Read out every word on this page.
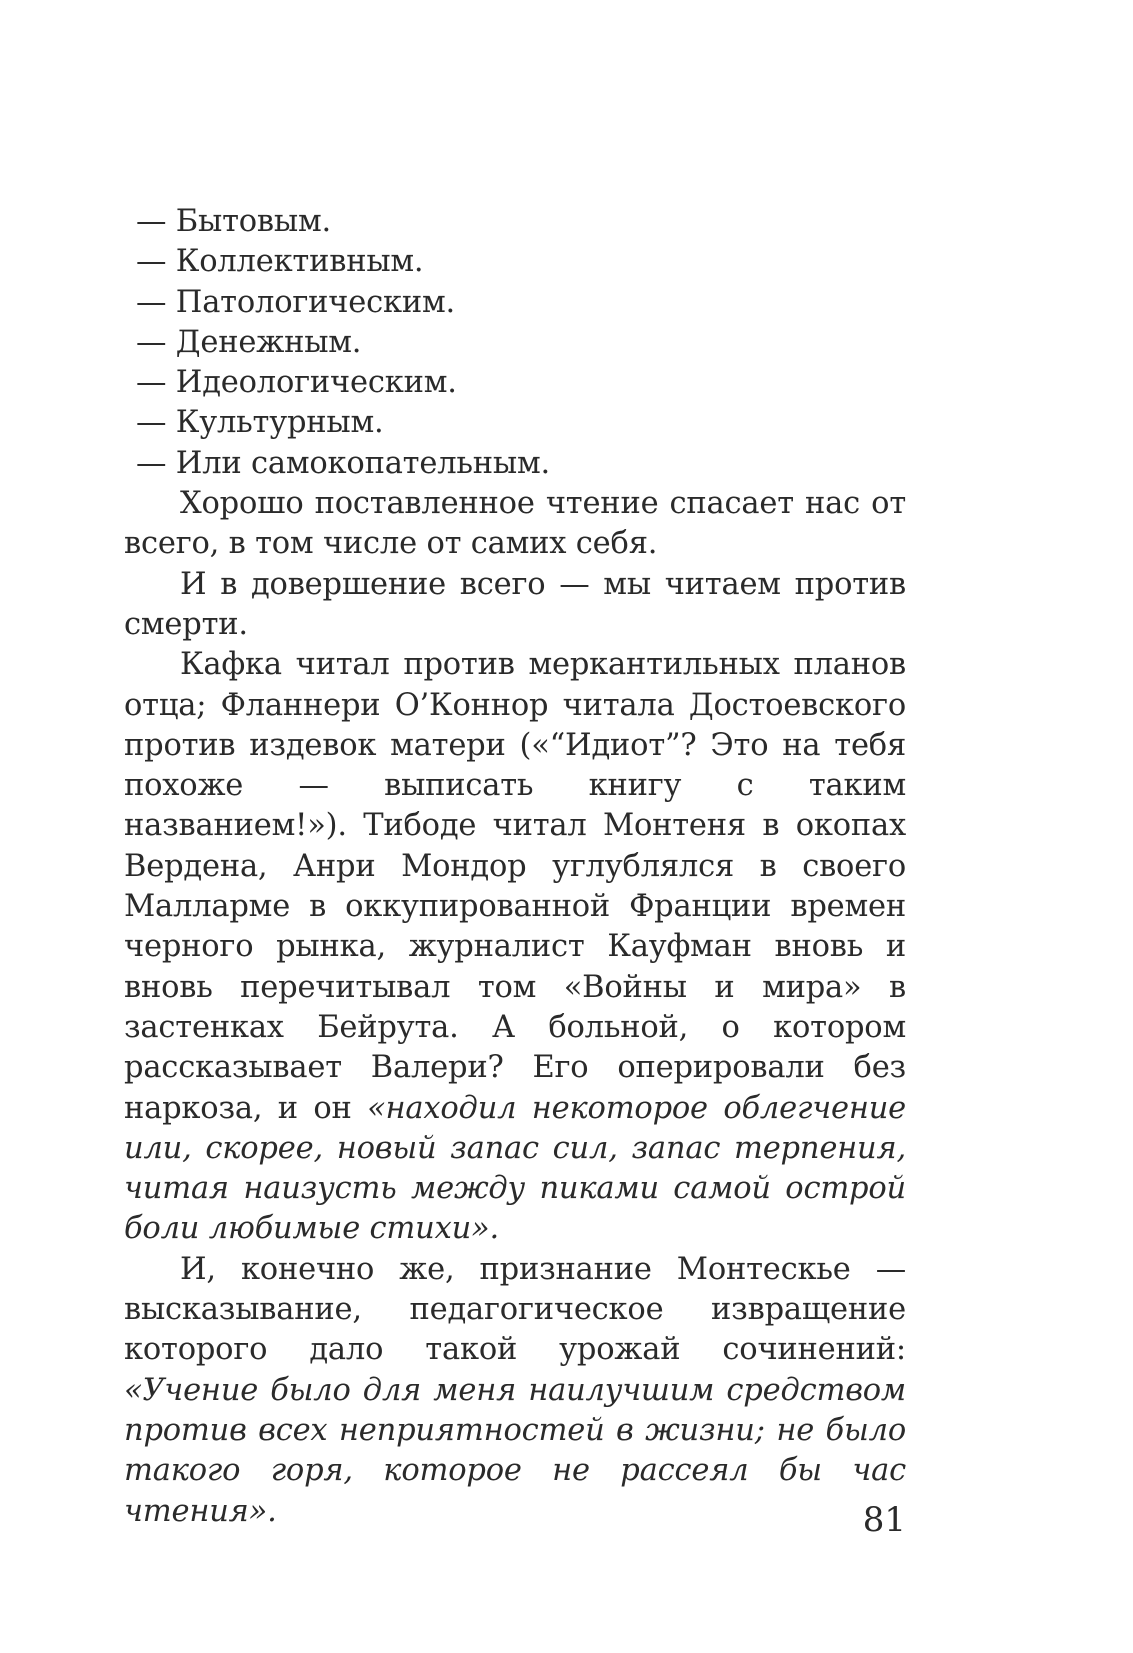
— Бытовым.

— Коллективным.

— Патологическим.

— Денежным.

— Идеологическим.

— Культурным.

— Или самокопательным.

Хорошо поставленное чтение спасает нас от всего, в том числе от самих себя.

И в довершение всего — мы читаем против смерти.

Кафка читал против меркантильных планов отца; Фланнери О’Коннор читала Достоевского против издевок матери («“Идиот”? Это на тебя похоже — выписать книгу с таким названием!»). Тибоде читал Монтеня в окопах Вердена, Анри Мондор углублялся в своего Малларме в оккупированной Франции времен черного рынка, журналист Кауфман вновь и вновь перечитывал том «Войны и мира» в застенках Бейрута. А больной, о котором рассказывает Валери? Его оперировали без наркоза, и он «находил некоторое облегчение или, скорее, новый запас сил, запас терпения, читая наизусть между пиками самой острой боли любимые стихи».

И, конечно же, признание Монтескье — высказывание, педагогическое извращение которого дало такой урожай сочинений: «Учение было для меня наилучшим средством против всех неприятностей в жизни; не было такого горя, которое не рассеял бы час чтения».	81
